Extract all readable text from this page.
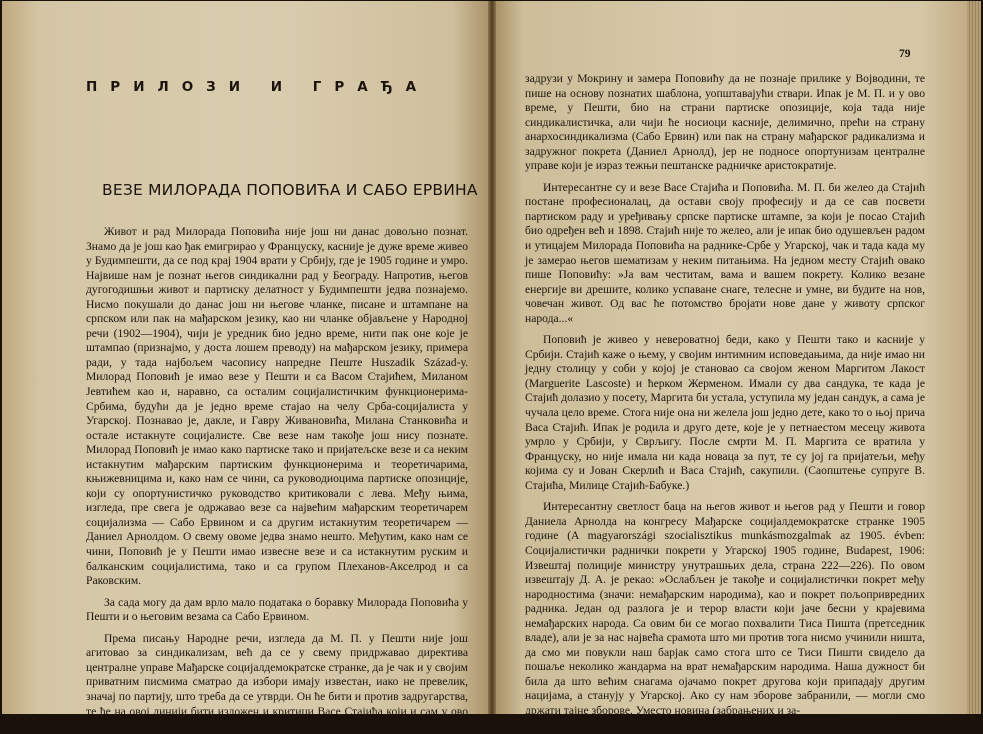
ПРИЛОЗИ И ГРАЂА
ВЕЗЕ МИЛОРАДА ПОПОВИЋА И САБО ЕРВИНА

Живот и рад Милорада Поповића није још ни данас довољно познат. Знамо да је још као ђак емигрирао у Француску, касније је дуже време живео у Будимпешти, да се под крај 1904 врати у Србију, где је 1905 године и умро. Највише нам је познат његов синдикални рад у Београду. Напротив, његов дугогодишњи живот и партиску делатност у Будимпешти једва познајемо. Нисмо покушали до данас још ни његове чланке, писане и штампане на српском или пак на мађарском језику, као ни чланке објављене у Народној речи (1902—1904), чији је уредник био једно време, нити пак оне које је штампао (признајмо, у доста лошем преводу) на мађарском језику, примера ради, у тада најбољем часопису напредне Пеште Huszadik Század-у. Милорад Поповић је имао везе у Пешти и са Васом Стајићем, Миланом Јевтићем као и, наравно, са осталим социјалистичким функционерима-Србима, будући да је једно време стајао на челу Срба-социјалиста у Угарској. Познавао је, дакле, и Гавру Живановића, Милана Станковића и остале истакнуте социјалисте. Све везе нам такође још нису познате. Милорад Поповић је имао како партиске тако и пријатељске везе и са неким истакнутим мађарским партиским функционерима и теоретичарима, књижевницима и, како нам се чини, са руководиоцима партиске опозиције, који су опортунистичко руководство критиковали с лева. Међу њима, изгледа, пре свега је одржавао везе са највећим мађарским теоретичарем социјализма — Сабо Ервином и са другим истакнутим теоретичарем — Даниел Арнолдом. О свему овоме једва знамо нешто. Међутим, како нам се чини, Поповић је у Пешти имао извесне везе и са истакнутим руским и балканским социјалистима, тако и са групом Плеханов-Акселрод и са Раковским.

За сада могу да дам врло мало података о боравку Милорада Поповића у Пешти и о његовим везама са Сабо Ервином.

Према писању Народне речи, изгледа да М. П. у Пешти није још агитовао за синдикализам, већ да се у свему придржавао директива централне управе Мађарске социјалдемократске странке, да је чак и у својим приватним писмима сматрао да избори имају известан, иако не превелик, значај по партију, што треба да се утврди. Он ће бити и против задругарства, те ће на овој линији бити изложен и критици Васе Стајића који и сам у ово време ради у једној сеоској

79

задрузи у Мокрину и замера Поповићу да не познаје прилике у Војводини, те пише на основу познатих шаблона, уопштавајући ствари. Ипак је М. П. и у ово време, у Пешти, био на страни партиске опозиције, која тада није синдикалистичка, али чији ће носиоци касније, делимично, прећи на страну анархосиндикализма (Сабо Ервин) или пак на страну мађарског радикализма и задружног покрета (Даниел Арнолд), јер не подносе опортунизам централне управе који је израз тежњи пештанске радничке аристократије.

Интересантне су и везе Васе Стајића и Поповића. М. П. би желео да Стајић постане професионалац, да остави своју професију и да се сав посвети партиском раду и уређивању српске партиске штампе, за који је посао Стајић био одређен већ и 1898. Стајић није то желео, али је ипак био одушевљен радом и утицајем Милорада Поповића на раднике-Србе у Угарској, чак и тада када му је замерао његов шематизам у неким питањима. На једном месту Стајић овако пише Поповићу: »Ја вам честитам, вама и вашем покрету. Колико везане енергије ви дрешите, колико успаване снаге, телесне и умне, ви будите на нов, човечан живот. Од вас ће потомство бројати нове дане у животу српског народа...«

Поповић је живео у невероватној беди, како у Пешти тако и касније у Србији. Стајић каже о њему, у својим интимним исповедањима, да није имао ни једну столицу у соби у којој је становао са својом женом Маргитом Лакост (Marguerite Lascoste) и ћерком Жерменом. Имали су два сандука, те када је Стајић долазио у посету, Маргита би устала, уступила му један сандук, а сама је чучала цело време. Стога није она ни желела још једно дете, како то о њој прича Васа Стајић. Ипак је родила и друго дете, које је у петнаестом месецу живота умрло у Србији, у Сврљигу. После смрти М. П. Маргита се вратила у Француску, но није имала ни када новаца за пут, те су јој га пријатељи, међу којима су и Јован Скерлић и Васа Стајић, сакупили. (Саопштење супруге В. Стајића, Милице Стајић-Бабуке.)

Интересантну светлост баца на његов живот и његов рад у Пешти и говор Даниела Арнолда на конгресу Мађарске социјалдемократске странке 1905 године (A magyarországi szocialisztikus munkásmozgalmak az 1905. évben: Социјалистички раднички покрети у Угарској 1905 године, Budapest, 1906: Извештај полиције министру унутрашњих дела, страна 222—226). По овом извештају Д. А. је рекао: »Ослабљен је такође и социјалистички покрет међу народностима (значи: немађарским народима), као и покрет пољопривредних радника. Један од разлога је и терор власти који јаче бесни у крајевима немађарских народа. Са овим би се могао похвалити Тиса Пишта (претседник владе), али је за нас највећа срамота што ми против тога нисмо учинили ништа, да смо ми повукли наш барјак само стога што се Тиси Пишти свидело да пошаље неколико жандарма на врат немађарским народима. Наша дужност би била да што већим снагама ојачамо покрет другова који припадају другим нацијама, а станују у Угарској. Ако су нам зборове забранили, — могли смо држати тајне зборове. Уместо новина (забрањених и за-
